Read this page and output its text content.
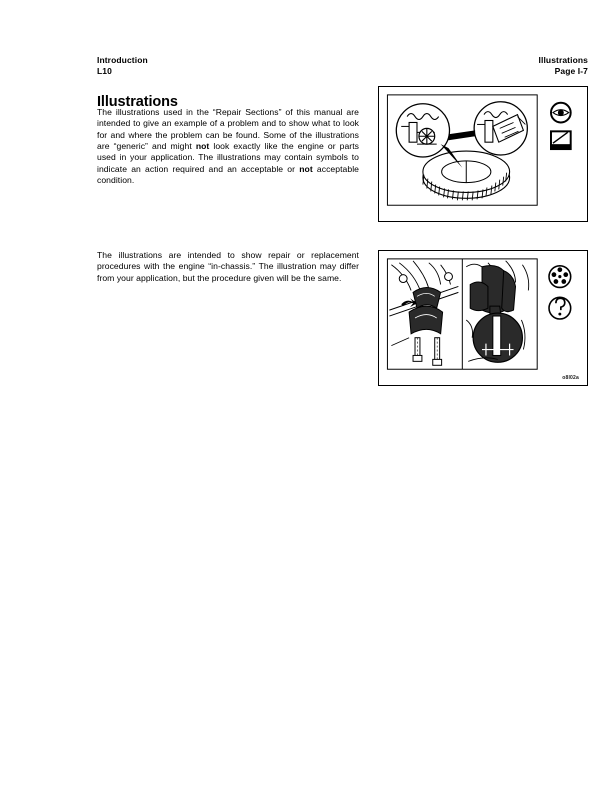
Introduction
L10
Illustrations
Page I-7
Illustrations

The illustrations used in the “Repair Sections” of this manual are intended to give an example of a problem and to show what to look for and where the problem can be found. Some of the illustrations are “generic” and might not look exactly like the engine or parts used in your application. The illustrations may contain symbols to indicate an action required and an acceptable or not acceptable condition.

The illustrations are intended to show repair or replacement procedures with the engine “in-chassis.” The illustration may differ from your application, but the procedure given will be the same.

o8l02a
